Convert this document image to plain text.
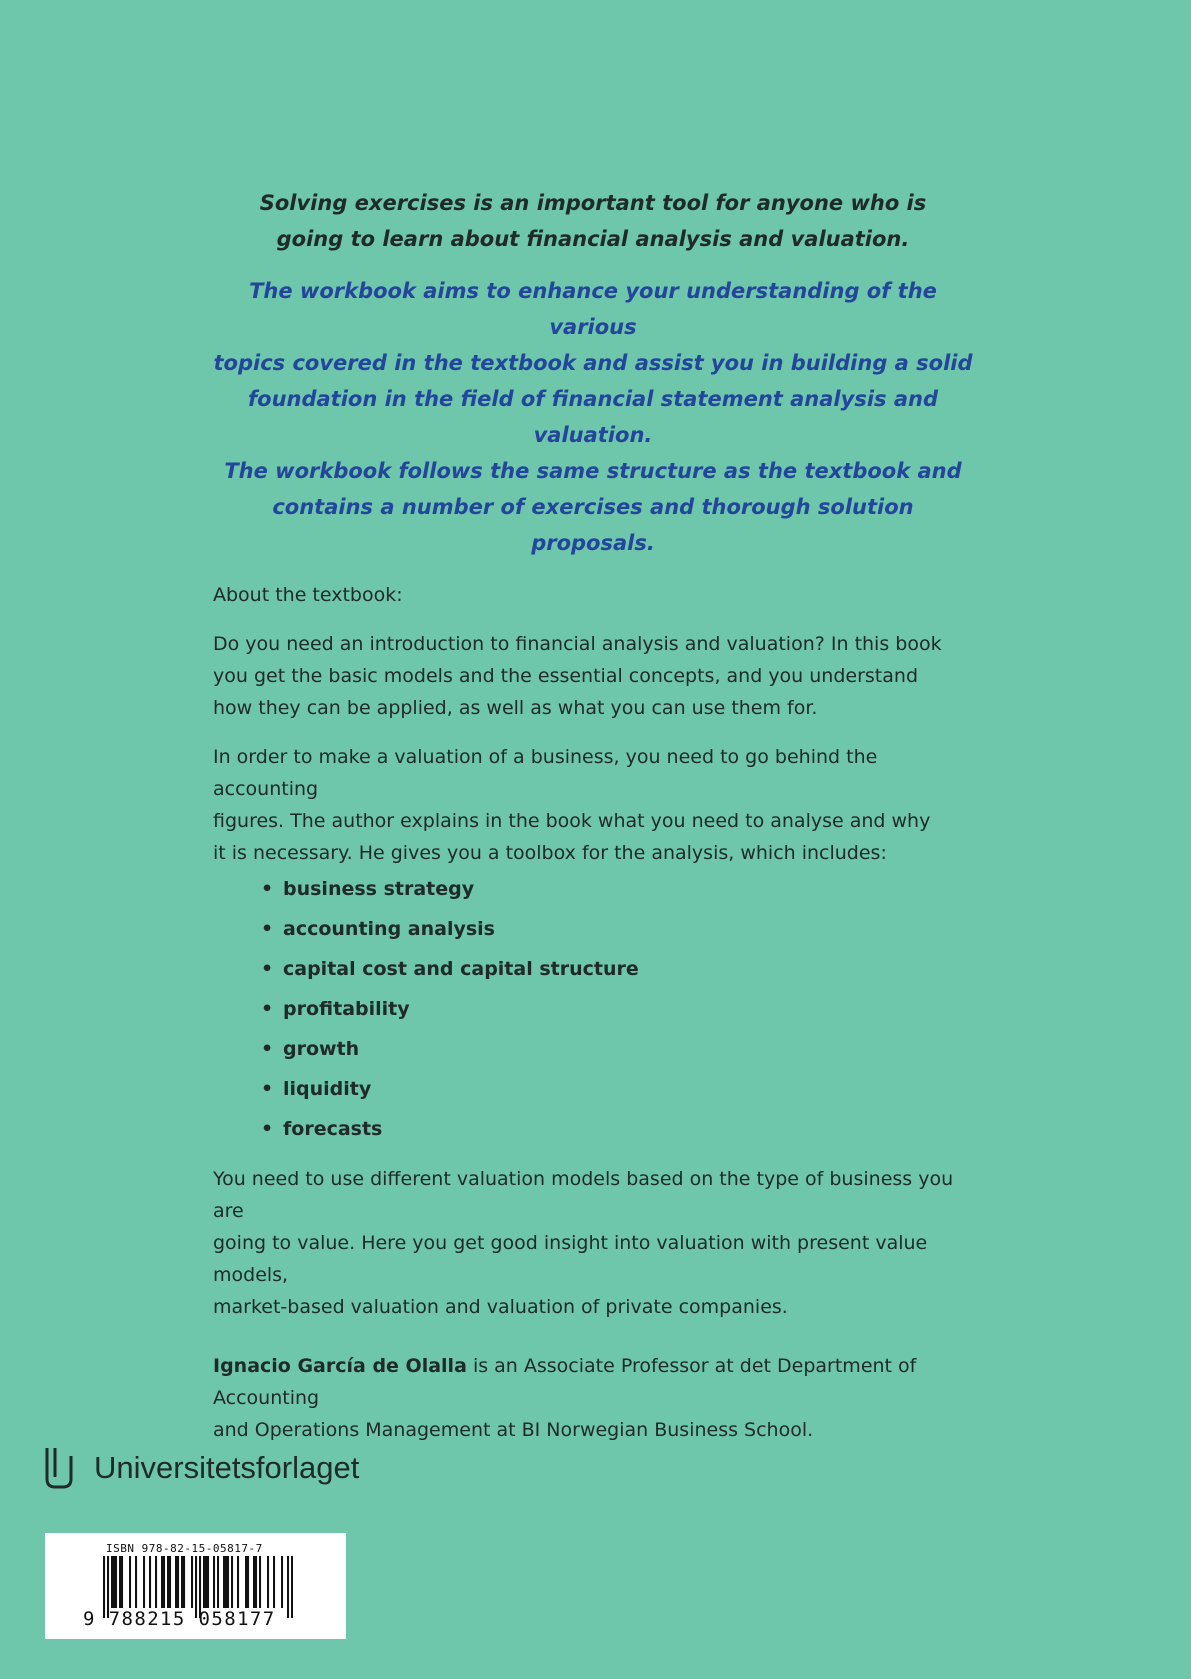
Solving exercises is an important tool for anyone who is
going to learn about financial analysis and valuation.

The workbook aims to enhance your understanding of the various
topics covered in the textbook and assist you in building a solid
foundation in the field of financial statement analysis and valuation.
The workbook follows the same structure as the textbook and
contains a number of exercises and thorough solution proposals.

About the textbook:

Do you need an introduction to financial analysis and valuation? In this book
you get the basic models and the essential concepts, and you understand
how they can be applied, as well as what you can use them for.

In order to make a valuation of a business, you need to go behind the accounting
figures. The author explains in the book what you need to analyse and why
it is necessary. He gives you a toolbox for the analysis, which includes:

• business strategy
• accounting analysis
• capital cost and capital structure
• profitability
• growth
• liquidity
• forecasts

You need to use different valuation models based on the type of business you are
going to value. Here you get good insight into valuation with present value models,
market-based valuation and valuation of private companies.

Ignacio García de Olalla is an Associate Professor at det Department of Accounting
and Operations Management at BI Norwegian Business School.

Universitetsforlaget
ISBN 978-82-15-05817-7
9 788215 058177
